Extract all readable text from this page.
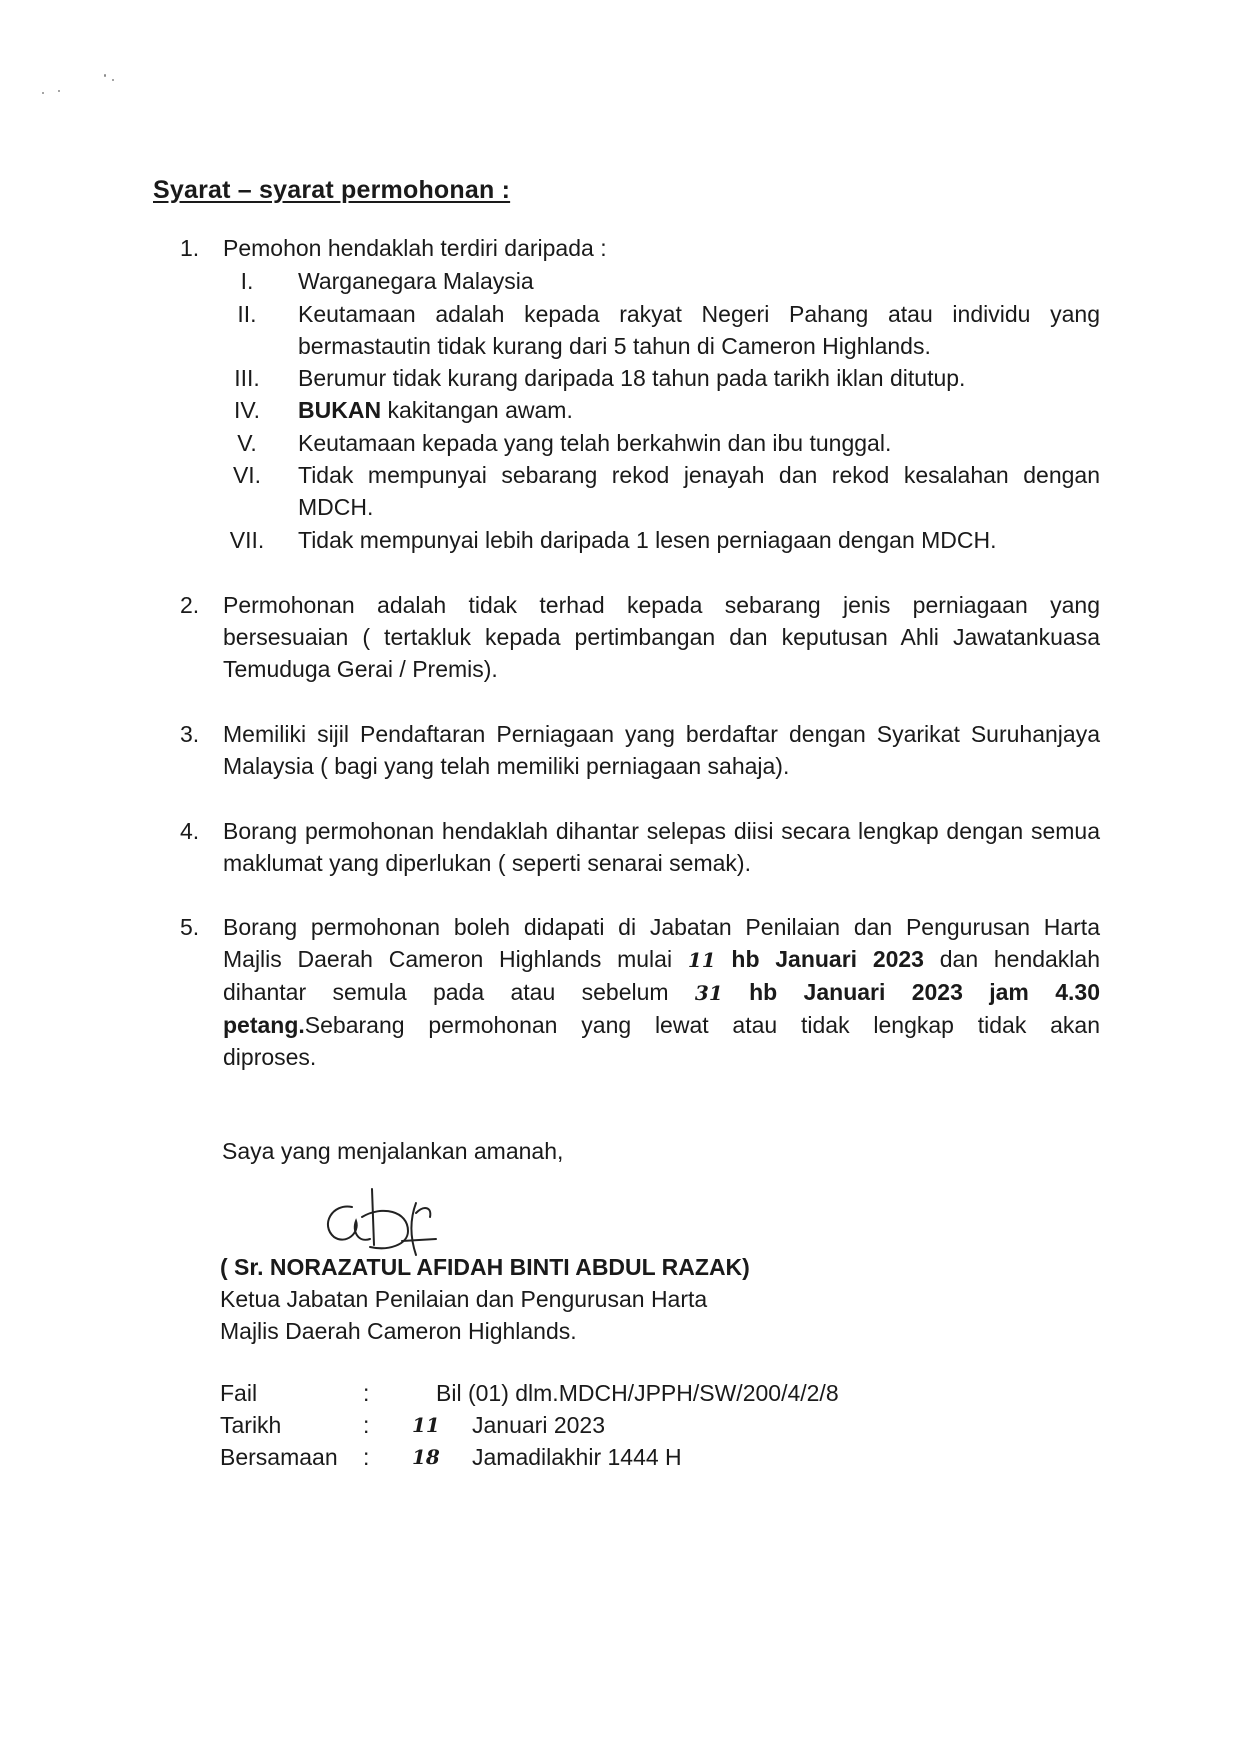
Syarat – syarat permohonan :
1.	Pemohon hendaklah terdiri daripada :
I.	Warganegara Malaysia
II.	Keutamaan adalah kepada rakyat Negeri Pahang atau individu yang bermastautin tidak kurang dari 5 tahun di Cameron Highlands.
III.	Berumur tidak kurang daripada 18 tahun pada tarikh iklan ditutup.
IV.	BUKAN kakitangan awam.
V.	Keutamaan kepada yang telah berkahwin dan ibu tunggal.
VI.	Tidak mempunyai sebarang rekod jenayah dan rekod kesalahan dengan MDCH.
VII.	Tidak mempunyai lebih daripada 1 lesen perniagaan dengan MDCH.
2.	Permohonan adalah tidak terhad kepada sebarang jenis perniagaan yang bersesuaian ( tertakluk kepada pertimbangan dan keputusan Ahli Jawatankuasa Temuduga Gerai / Premis).
3.	Memiliki sijil Pendaftaran Perniagaan yang berdaftar dengan Syarikat Suruhanjaya Malaysia ( bagi yang telah memiliki perniagaan sahaja).
4.	Borang permohonan hendaklah dihantar selepas diisi secara lengkap dengan semua maklumat yang diperlukan ( seperti senarai semak).
5.	Borang permohonan boleh didapati di Jabatan Penilaian dan Pengurusan Harta
Majlis Daerah Cameron Highlands mulai 11 hb Januari 2023 dan hendaklah
dihantar semula pada atau sebelum 31 hb Januari 2023 jam 4.30
petang.Sebarang permohonan yang lewat atau tidak lengkap tidak akan
diproses.
Saya yang menjalankan amanah,
( Sr. NORAZATUL AFIDAH BINTI ABDUL RAZAK)
Ketua Jabatan Penilaian dan Pengurusan Harta
Majlis Daerah Cameron Highlands.
Fail	:	Bil (01) dlm.MDCH/JPPH/SW/200/4/2/8
Tarikh	: 11 Januari 2023
Bersamaan : 18 Jamadilakhir 1444 H
